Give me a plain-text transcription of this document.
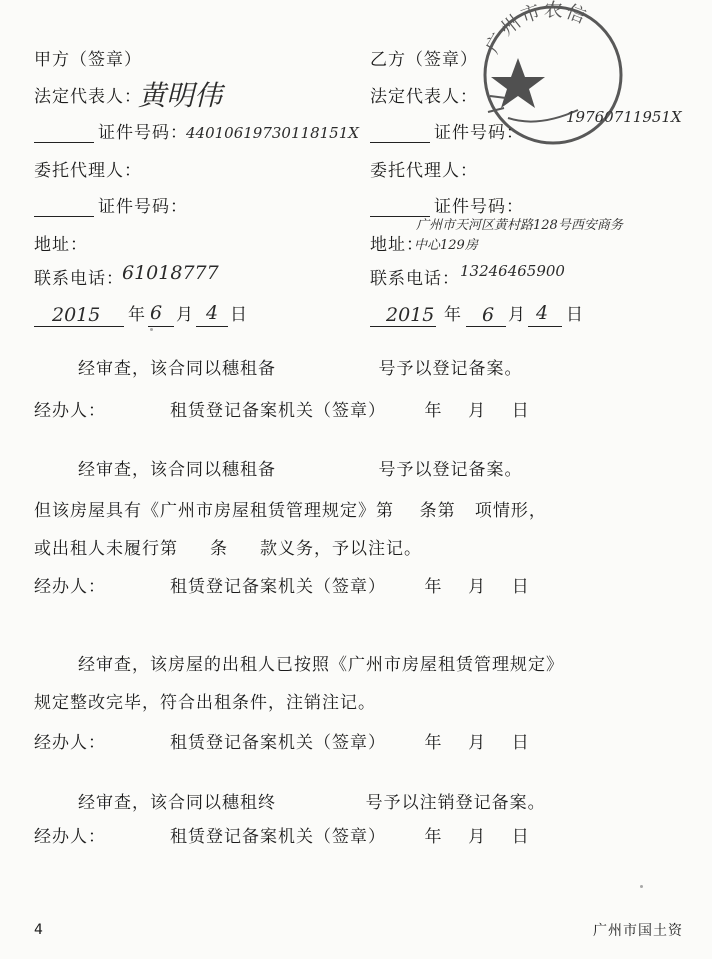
甲方（签章）
法定代表人：
黄明伟
证件号码：
44010619730118151X
委托代理人：
证件号码：
地址：
联系电话：
61018777
2015 年 6 月 4 日
乙方（签章）
法定代表人：
证件号码：
19760711951X
委托代理人：
证件号码：
地址：
广州市天河区黄村路128号西安商务
中心129房
联系电话： 13246465900
2015 年 6 月 4 日
广州市农信
经审查，该合同以穗租备                号予以登记备案。
经办人：          租赁登记备案机关（签章）      年    月    日
经审查，该合同以穗租备                号予以登记备案。
但该房屋具有《广州市房屋租赁管理规定》第    条第   项情形，
或出租人未履行第     条     款义务，予以注记。
经办人：          租赁登记备案机关（签章）      年    月    日
经审查，该房屋的出租人已按照《广州市房屋租赁管理规定》
规定整改完毕，符合出租条件，注销注记。
经办人：          租赁登记备案机关（签章）      年    月    日
经审查，该合同以穗租终              号予以注销登记备案。
经办人：          租赁登记备案机关（签章）      年    月    日
4	广州市国土资
